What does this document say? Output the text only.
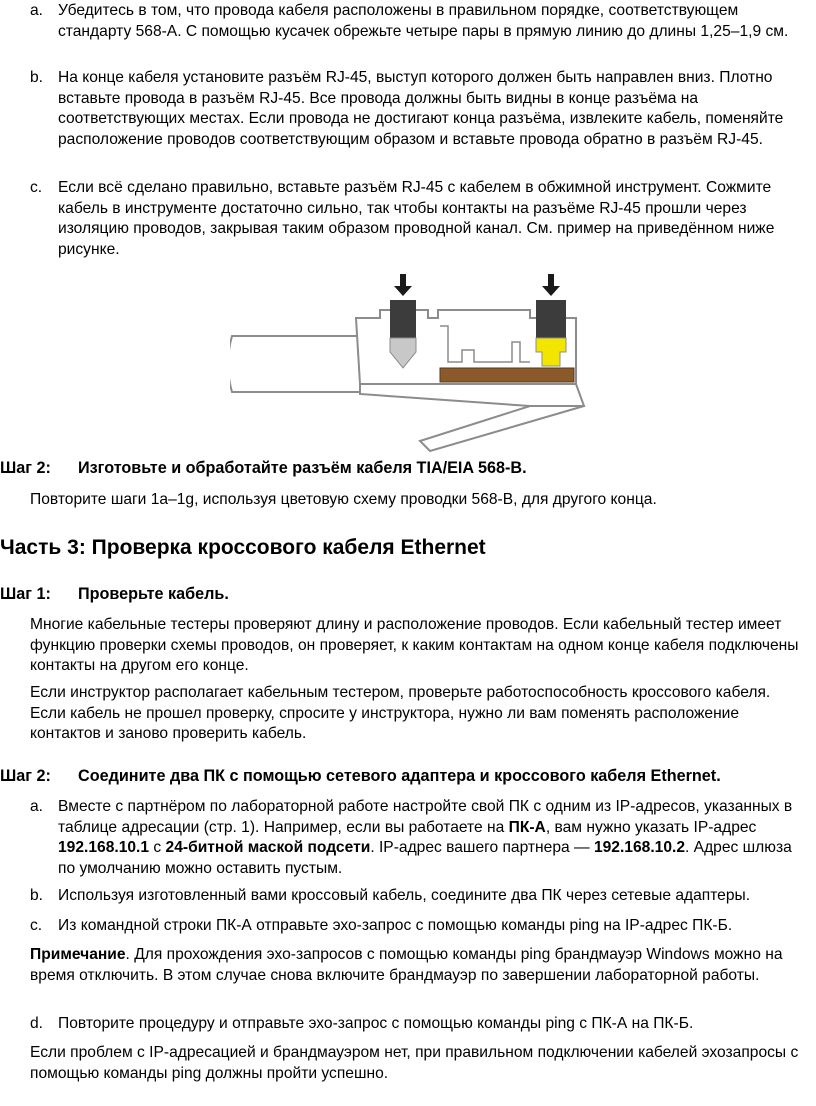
a. Убедитесь в том, что провода кабеля расположены в правильном порядке, соответствующем стандарту 568-А. С помощью кусачек обрежьте четыре пары в прямую линию до длины 1,25–1,9 см.
b. На конце кабеля установите разъём RJ-45, выступ которого должен быть направлен вниз. Плотно вставьте провода в разъём RJ-45. Все провода должны быть видны в конце разъёма на соответствующих местах. Если провода не достигают конца разъёма, извлеките кабель, поменяйте расположение проводов соответствующим образом и вставьте провода обратно в разъём RJ-45.
c. Если всё сделано правильно, вставьте разъём RJ-45 с кабелем в обжимной инструмент. Сожмите кабель в инструменте достаточно сильно, так чтобы контакты на разъёме RJ-45 прошли через изоляцию проводов, закрывая таким образом проводной канал. См. пример на приведённом ниже рисунке.
Шаг 2: Изготовьте и обработайте разъём кабеля TIA/EIA 568-B.
Повторите шаги 1a–1g, используя цветовую схему проводки 568-B, для другого конца.
Часть 3: Проверка кроссового кабеля Ethernet
Шаг 1: Проверьте кабель.
Многие кабельные тестеры проверяют длину и расположение проводов. Если кабельный тестер имеет функцию проверки схемы проводов, он проверяет, к каким контактам на одном конце кабеля подключены контакты на другом его конце.
Если инструктор располагает кабельным тестером, проверьте работоспособность кроссового кабеля. Если кабель не прошел проверку, спросите у инструктора, нужно ли вам поменять расположение контактов и заново проверить кабель.
Шаг 2: Соедините два ПК с помощью сетевого адаптера и кроссового кабеля Ethernet.
a. Вместе с партнёром по лабораторной работе настройте свой ПК с одним из IP-адресов, указанных в таблице адресации (стр. 1). Например, если вы работаете на ПК-А, вам нужно указать IP-адрес 192.168.10.1 с 24-битной маской подсети. IP-адрес вашего партнера — 192.168.10.2. Адрес шлюза по умолчанию можно оставить пустым.
b. Используя изготовленный вами кроссовый кабель, соедините два ПК через сетевые адаптеры.
c. Из командной строки ПК-А отправьте эхо-запрос с помощью команды ping на IP-адрес ПК-Б.
Примечание. Для прохождения эхо-запросов с помощью команды ping брандмауэр Windows можно на время отключить. В этом случае снова включите брандмауэр по завершении лабораторной работы.
d. Повторите процедуру и отправьте эхо-запрос с помощью команды ping с ПК-А на ПК-Б.
Если проблем с IP-адресацией и брандмауэром нет, при правильном подключении кабелей эхозапросы с помощью команды ping должны пройти успешно.
